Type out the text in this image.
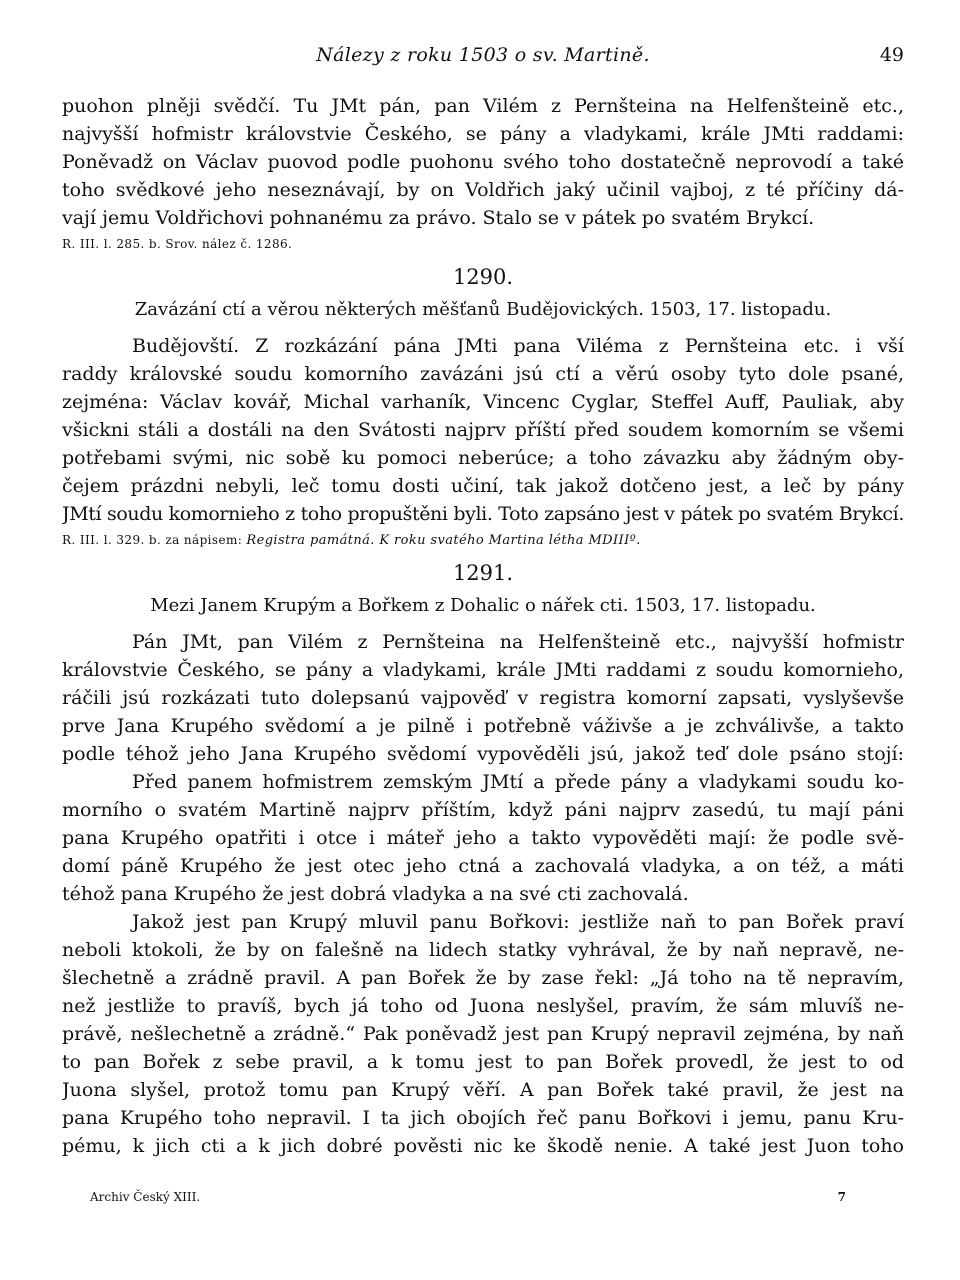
Nálezy z roku 1503 o sv. Martině.	49
puohon plněji svědčí. Tu JMt pán, pan Vilém z Pernšteina na Helfenšteině etc.,
najvyšší hofmistr královstvie Českého, se pány a vladykami, krále JMti raddami:
Poněvadž on Václav puovod podle puohonu svého toho dostatečně neprovodí a také
toho svědkové jeho neseznávají, by on Voldřich jaký učinil vajboj, z té příčiny dá-
vají jemu Voldřichovi pohnanému za právo. Stalo se v pátek po svatém Brykcí.
R. III. l. 285. b. Srov. nález č. 1286.
1290.
Zavázání ctí a věrou některých měšťanů Budějovických. 1503, 17. listopadu.
Budějovští. Z rozkázání pána JMti pana Viléma z Pernšteina etc. i vší
raddy královské soudu komorního zavázáni jsú ctí a věrú osoby tyto dole psané,
zejména: Václav kovář, Michal varhaník, Vincenc Cyglar, Steffel Auff, Pauliak, aby
všickni stáli a dostáli na den Svátosti najprv příští před soudem komorním se všemi
potřebami svými, nic sobě ku pomoci neberúce; a toho závazku aby žádným oby-
čejem prázdni nebyli, leč tomu dosti učiní, tak jakož dotčeno jest, a leč by pány
JMtí soudu komornieho z toho propuštěni byli. Toto zapsáno jest v pátek po svatém Brykcí.
R. III. l. 329. b. za nápisem: Registra památná. K roku svatého Martina létha MDIIIº.
1291.
Mezi Janem Krupým a Bořkem z Dohalic o nářek cti. 1503, 17. listopadu.
Pán JMt, pan Vilém z Pernšteina na Helfenšteině etc., najvyšší hofmistr
královstvie Českého, se pány a vladykami, krále JMti raddami z soudu komornieho,
ráčili jsú rozkázati tuto dolepsanú vajpověď v registra komorní zapsati, vyslyševše
prve Jana Krupého svědomí a je pilně i potřebně váživše a je zchválivše, a takto
podle téhož jeho Jana Krupého svědomí vypověděli jsú, jakož teď dole psáno stojí:
Před panem hofmistrem zemským JMtí a přede pány a vladykami soudu ko-
morního o svatém Martině najprv příštím, když páni najprv zasedú, tu mají páni
pana Krupého opatřiti i otce i máteř jeho a takto vypověděti mají: že podle svě-
domí páně Krupého že jest otec jeho ctná a zachovalá vladyka, a on též, a máti
téhož pana Krupého že jest dobrá vladyka a na své cti zachovalá.
Jakož jest pan Krupý mluvil panu Bořkovi: jestliže naň to pan Bořek praví
neboli ktokoli, že by on falešně na lidech statky vyhrával, že by naň nepravě, ne-
šlechetně a zrádně pravil. A pan Bořek že by zase řekl: „Já toho na tě nepravím,
než jestliže to pravíš, bych já toho od Juona neslyšel, pravím, že sám mluvíš ne-
právě, nešlechetně a zrádně.“ Pak poněvadž jest pan Krupý nepravil zejména, by naň
to pan Bořek z sebe pravil, a k tomu jest to pan Bořek provedl, že jest to od
Juona slyšel, protož tomu pan Krupý věří. A pan Bořek také pravil, že jest na
pana Krupého toho nepravil. I ta jich obojích řeč panu Bořkovi i jemu, panu Kru-
pému, k jich cti a k jich dobré pověsti nic ke škodě nenie. A také jest Juon toho
Archiv Český XIII.	7
